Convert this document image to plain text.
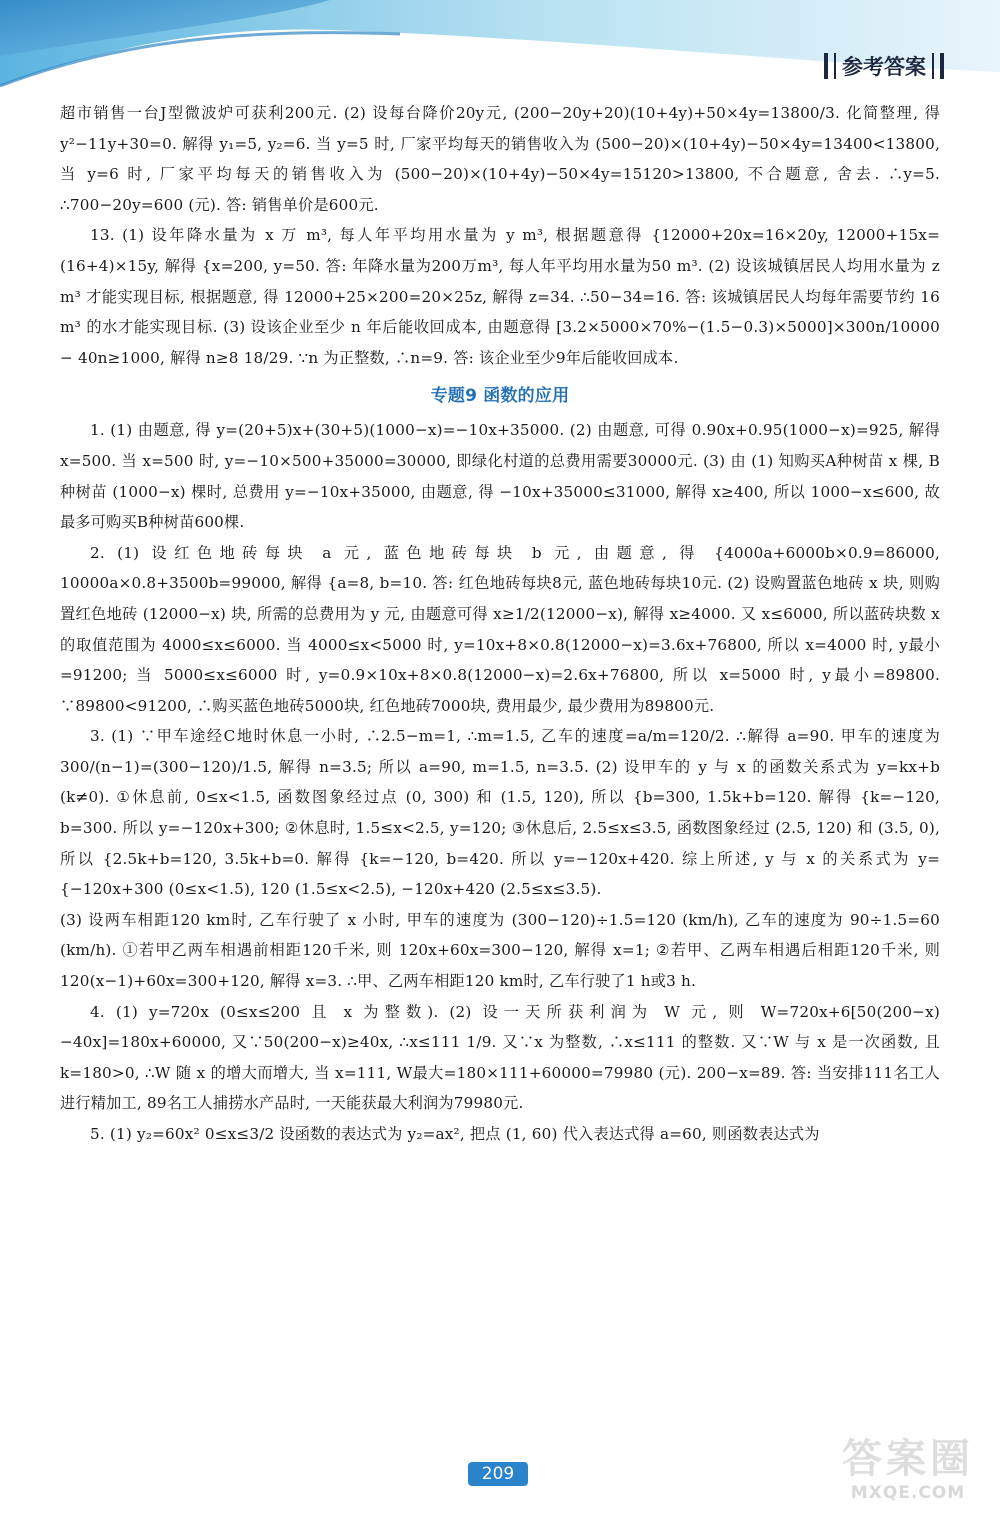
参考答案

超市销售一台J型微波炉可获利200元. (2) 设每台降价20y元, (200−20y+20)(10+4y)+50×4y=13800/3. 化简整理, 得 y²−11y+30=0. 解得 y₁=5, y₂=6. 当 y=5 时, 厂家平均每天的销售收入为 (500−20)×(10+4y)−50×4y=13400<13800, 当 y=6 时, 厂家平均每天的销售收入为 (500−20)×(10+4y)−50×4y=15120>13800, 不合题意, 舍去. ∴y=5. ∴700−20y=600 (元). 答: 销售单价是600元.

13. (1) 设年降水量为 x 万 m³, 每人年平均用水量为 y m³, 根据题意得 {12000+20x=16×20y, 12000+15x=(16+4)×15y, 解得 {x=200, y=50. 答: 年降水量为200万m³, 每人年平均用水量为50 m³. (2) 设该城镇居民人均用水量为 z m³ 才能实现目标, 根据题意, 得 12000+25×200=20×25z, 解得 z=34. ∴50−34=16. 答: 该城镇居民人均每年需要节约 16 m³ 的水才能实现目标. (3) 设该企业至少 n 年后能收回成本, 由题意得 [3.2×5000×70%−(1.5−0.3)×5000]×300n/10000 − 40n≥1000, 解得 n≥8 18/29. ∵n 为正整数, ∴n=9. 答: 该企业至少9年后能收回成本.

专题9 函数的应用

1. (1) 由题意, 得 y=(20+5)x+(30+5)(1000−x)=−10x+35000. (2) 由题意, 可得 0.90x+0.95(1000−x)=925, 解得 x=500. 当 x=500 时, y=−10×500+35000=30000, 即绿化村道的总费用需要30000元. (3) 由 (1) 知购买A种树苗 x 棵, B 种树苗 (1000−x) 棵时, 总费用 y=−10x+35000, 由题意, 得 −10x+35000≤31000, 解得 x≥400, 所以 1000−x≤600, 故最多可购买B种树苗600棵.

2. (1) 设红色地砖每块 a 元, 蓝色地砖每块 b 元, 由题意, 得 {4000a+6000b×0.9=86000, 10000a×0.8+3500b=99000, 解得 {a=8, b=10. 答: 红色地砖每块8元, 蓝色地砖每块10元. (2) 设购置蓝色地砖 x 块, 则购置红色地砖 (12000−x) 块, 所需的总费用为 y 元, 由题意可得 x≥1/2(12000−x), 解得 x≥4000. 又 x≤6000, 所以蓝砖块数 x 的取值范围为 4000≤x≤6000. 当 4000≤x<5000 时, y=10x+8×0.8(12000−x)=3.6x+76800, 所以 x=4000 时, y最小=91200; 当 5000≤x≤6000 时, y=0.9×10x+8×0.8(12000−x)=2.6x+76800, 所以 x=5000 时, y最小=89800. ∵89800<91200, ∴购买蓝色地砖5000块, 红色地砖7000块, 费用最少, 最少费用为89800元.

3. (1) ∵甲车途经C地时休息一小时, ∴2.5−m=1, ∴m=1.5, 乙车的速度=a/m=120/2. ∴解得 a=90. 甲车的速度为 300/(n−1)=(300−120)/1.5, 解得 n=3.5; 所以 a=90, m=1.5, n=3.5. (2) 设甲车的 y 与 x 的函数关系式为 y=kx+b (k≠0). ①休息前, 0≤x<1.5, 函数图象经过点 (0, 300) 和 (1.5, 120), 所以 {b=300, 1.5k+b=120. 解得 {k=−120, b=300. 所以 y=−120x+300; ②休息时, 1.5≤x<2.5, y=120; ③休息后, 2.5≤x≤3.5, 函数图象经过 (2.5, 120) 和 (3.5, 0), 所以 {2.5k+b=120, 3.5k+b=0. 解得 {k=−120, b=420. 所以 y=−120x+420. 综上所述, y 与 x 的关系式为 y={−120x+300 (0≤x<1.5), 120 (1.5≤x<2.5), −120x+420 (2.5≤x≤3.5).

(3) 设两车相距120 km时, 乙车行驶了 x 小时, 甲车的速度为 (300−120)÷1.5=120 (km/h), 乙车的速度为 90÷1.5=60 (km/h). ①若甲乙两车相遇前相距120千米, 则 120x+60x=300−120, 解得 x=1; ②若甲、乙两车相遇后相距120千米, 则 120(x−1)+60x=300+120, 解得 x=3. ∴甲、乙两车相距120 km时, 乙车行驶了1 h或3 h.

4. (1) y=720x (0≤x≤200 且 x 为整数). (2) 设一天所获利润为 W 元, 则 W=720x+6[50(200−x)−40x]=180x+60000, 又∵50(200−x)≥40x, ∴x≤111 1/9. 又∵x 为整数, ∴x≤111 的整数. 又∵W 与 x 是一次函数, 且 k=180>0, ∴W 随 x 的增大而增大, 当 x=111, W最大=180×111+60000=79980 (元). 200−x=89. 答: 当安排111名工人进行精加工, 89名工人捕捞水产品时, 一天能获最大利润为79980元.

5. (1) y₂=60x² 0≤x≤3/2 设函数的表达式为 y₂=ax², 把点 (1, 60) 代入表达式得 a=60, 则函数表达式为

209	答案圈
MXQE.COM
